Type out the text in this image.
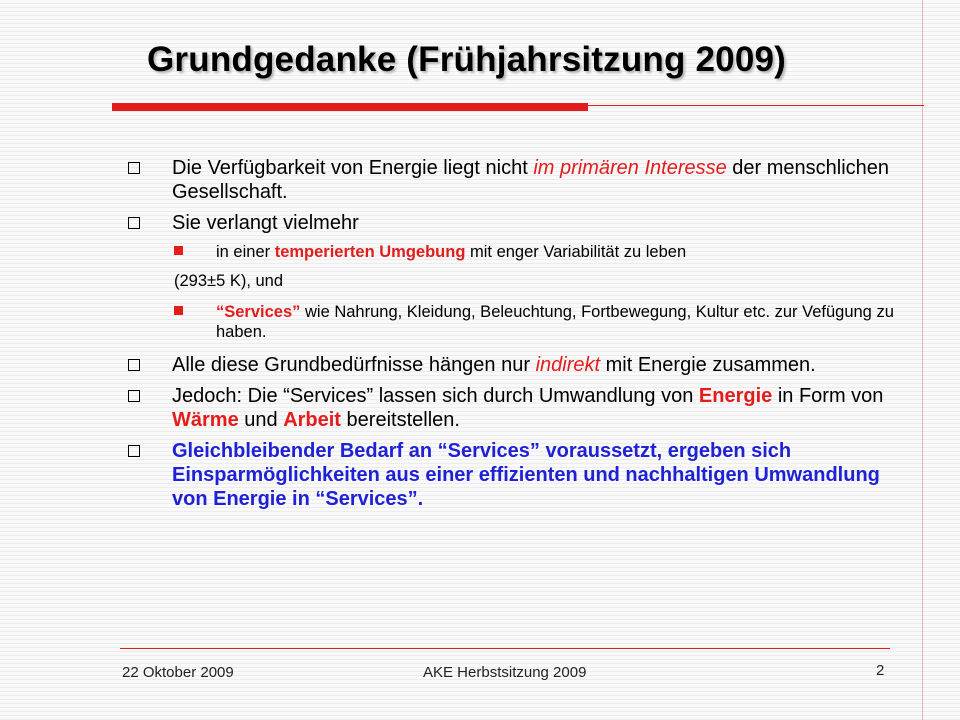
Grundgedanke (Frühjahrsitzung 2009)
Die Verfügbarkeit von Energie liegt nicht im primären Interesse der menschlichen Gesellschaft.
Sie verlangt vielmehr
in einer temperierten Umgebung mit enger Variabilität zu leben
(293±5 K), und
“Services” wie Nahrung, Kleidung, Beleuchtung, Fortbewegung, Kultur etc. zur Vefügung zu haben.
Alle diese Grundbedürfnisse hängen nur indirekt mit Energie zusammen.
Jedoch: Die “Services” lassen sich durch Umwandlung von Energie in Form von Wärme und Arbeit bereitstellen.
Gleichbleibender Bedarf an “Services” voraussetzt, ergeben sich Einsparmöglichkeiten aus einer effizienten und nachhaltigen Umwandlung von Energie in “Services”.
22 Oktober 2009	AKE Herbstsitzung 2009	2
